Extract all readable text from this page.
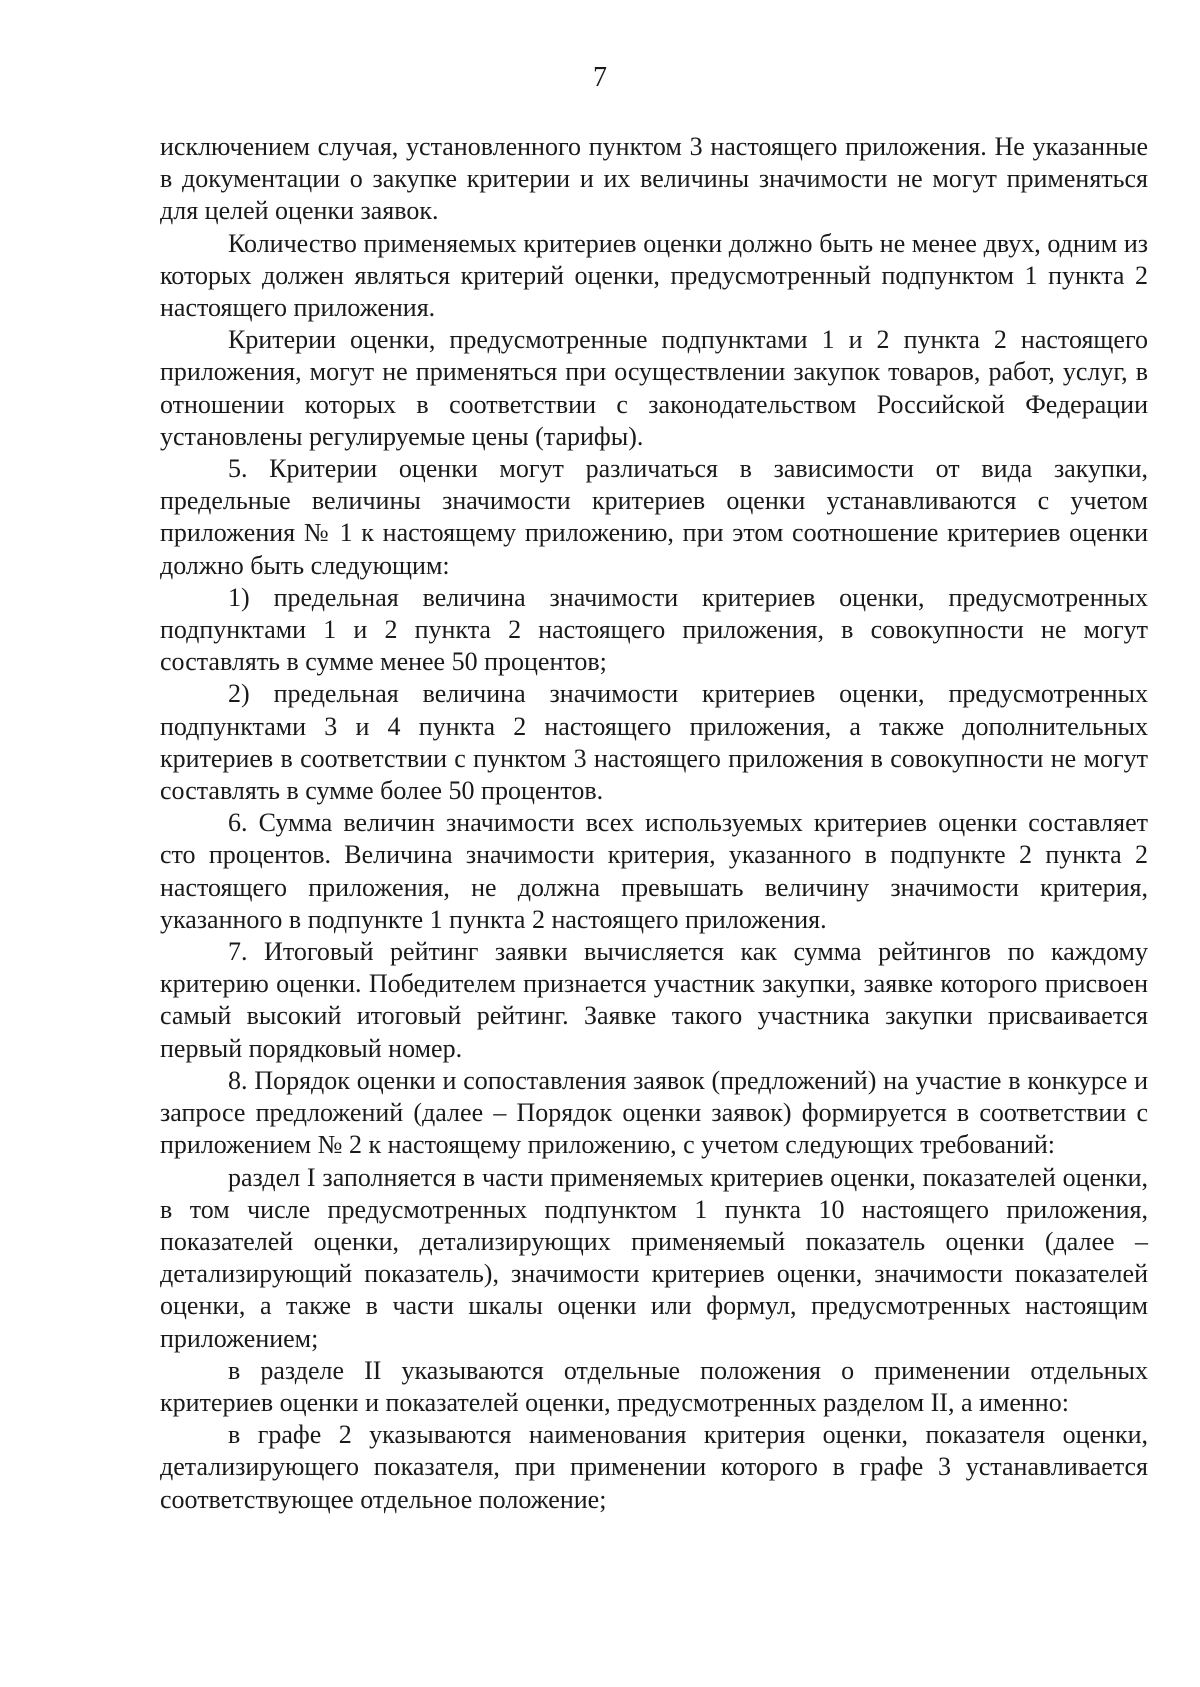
7

исключением случая, установленного пунктом 3 настоящего приложения. Не указанные в документации о закупке критерии и их величины значимости не могут применяться для целей оценки заявок.

Количество применяемых критериев оценки должно быть не менее двух, одним из которых должен являться критерий оценки, предусмотренный подпунктом 1 пункта 2 настоящего приложения.

Критерии оценки, предусмотренные подпунктами 1 и 2 пункта 2 настоящего приложения, могут не применяться при осуществлении закупок товаров, работ, услуг, в отношении которых в соответствии с законодательством Российской Федерации установлены регулируемые цены (тарифы).

5. Критерии оценки могут различаться в зависимости от вида закупки, предельные величины значимости критериев оценки устанавливаются с учетом приложения № 1 к настоящему приложению, при этом соотношение критериев оценки должно быть следующим:

1) предельная величина значимости критериев оценки, предусмотренных подпунктами 1 и 2 пункта 2 настоящего приложения, в совокупности не могут составлять в сумме менее 50 процентов;

2) предельная величина значимости критериев оценки, предусмотренных подпунктами 3 и 4 пункта 2 настоящего приложения, а также дополнительных критериев в соответствии с пунктом 3 настоящего приложения в совокупности не могут составлять в сумме более 50 процентов.

6. Сумма величин значимости всех используемых критериев оценки составляет сто процентов. Величина значимости критерия, указанного в подпункте 2 пункта 2 настоящего приложения, не должна превышать величину значимости критерия, указанного в подпункте 1 пункта 2 настоящего приложения.

7. Итоговый рейтинг заявки вычисляется как сумма рейтингов по каждому критерию оценки. Победителем признается участник закупки, заявке которого присвоен самый высокий итоговый рейтинг. Заявке такого участника закупки присваивается первый порядковый номер.

8. Порядок оценки и сопоставления заявок (предложений) на участие в конкурсе и запросе предложений (далее – Порядок оценки заявок) формируется в соответствии с приложением № 2 к настоящему приложению, с учетом следующих требований:

раздел I заполняется в части применяемых критериев оценки, показателей оценки, в том числе предусмотренных подпунктом 1 пункта 10 настоящего приложения, показателей оценки, детализирующих применяемый показатель оценки (далее – детализирующий показатель), значимости критериев оценки, значимости показателей оценки, а также в части шкалы оценки или формул, предусмотренных настоящим приложением;

в разделе II указываются отдельные положения о применении отдельных критериев оценки и показателей оценки, предусмотренных разделом II, а именно:

в графе 2 указываются наименования критерия оценки, показателя оценки, детализирующего показателя, при применении которого в графе 3 устанавливается соответствующее отдельное положение;
